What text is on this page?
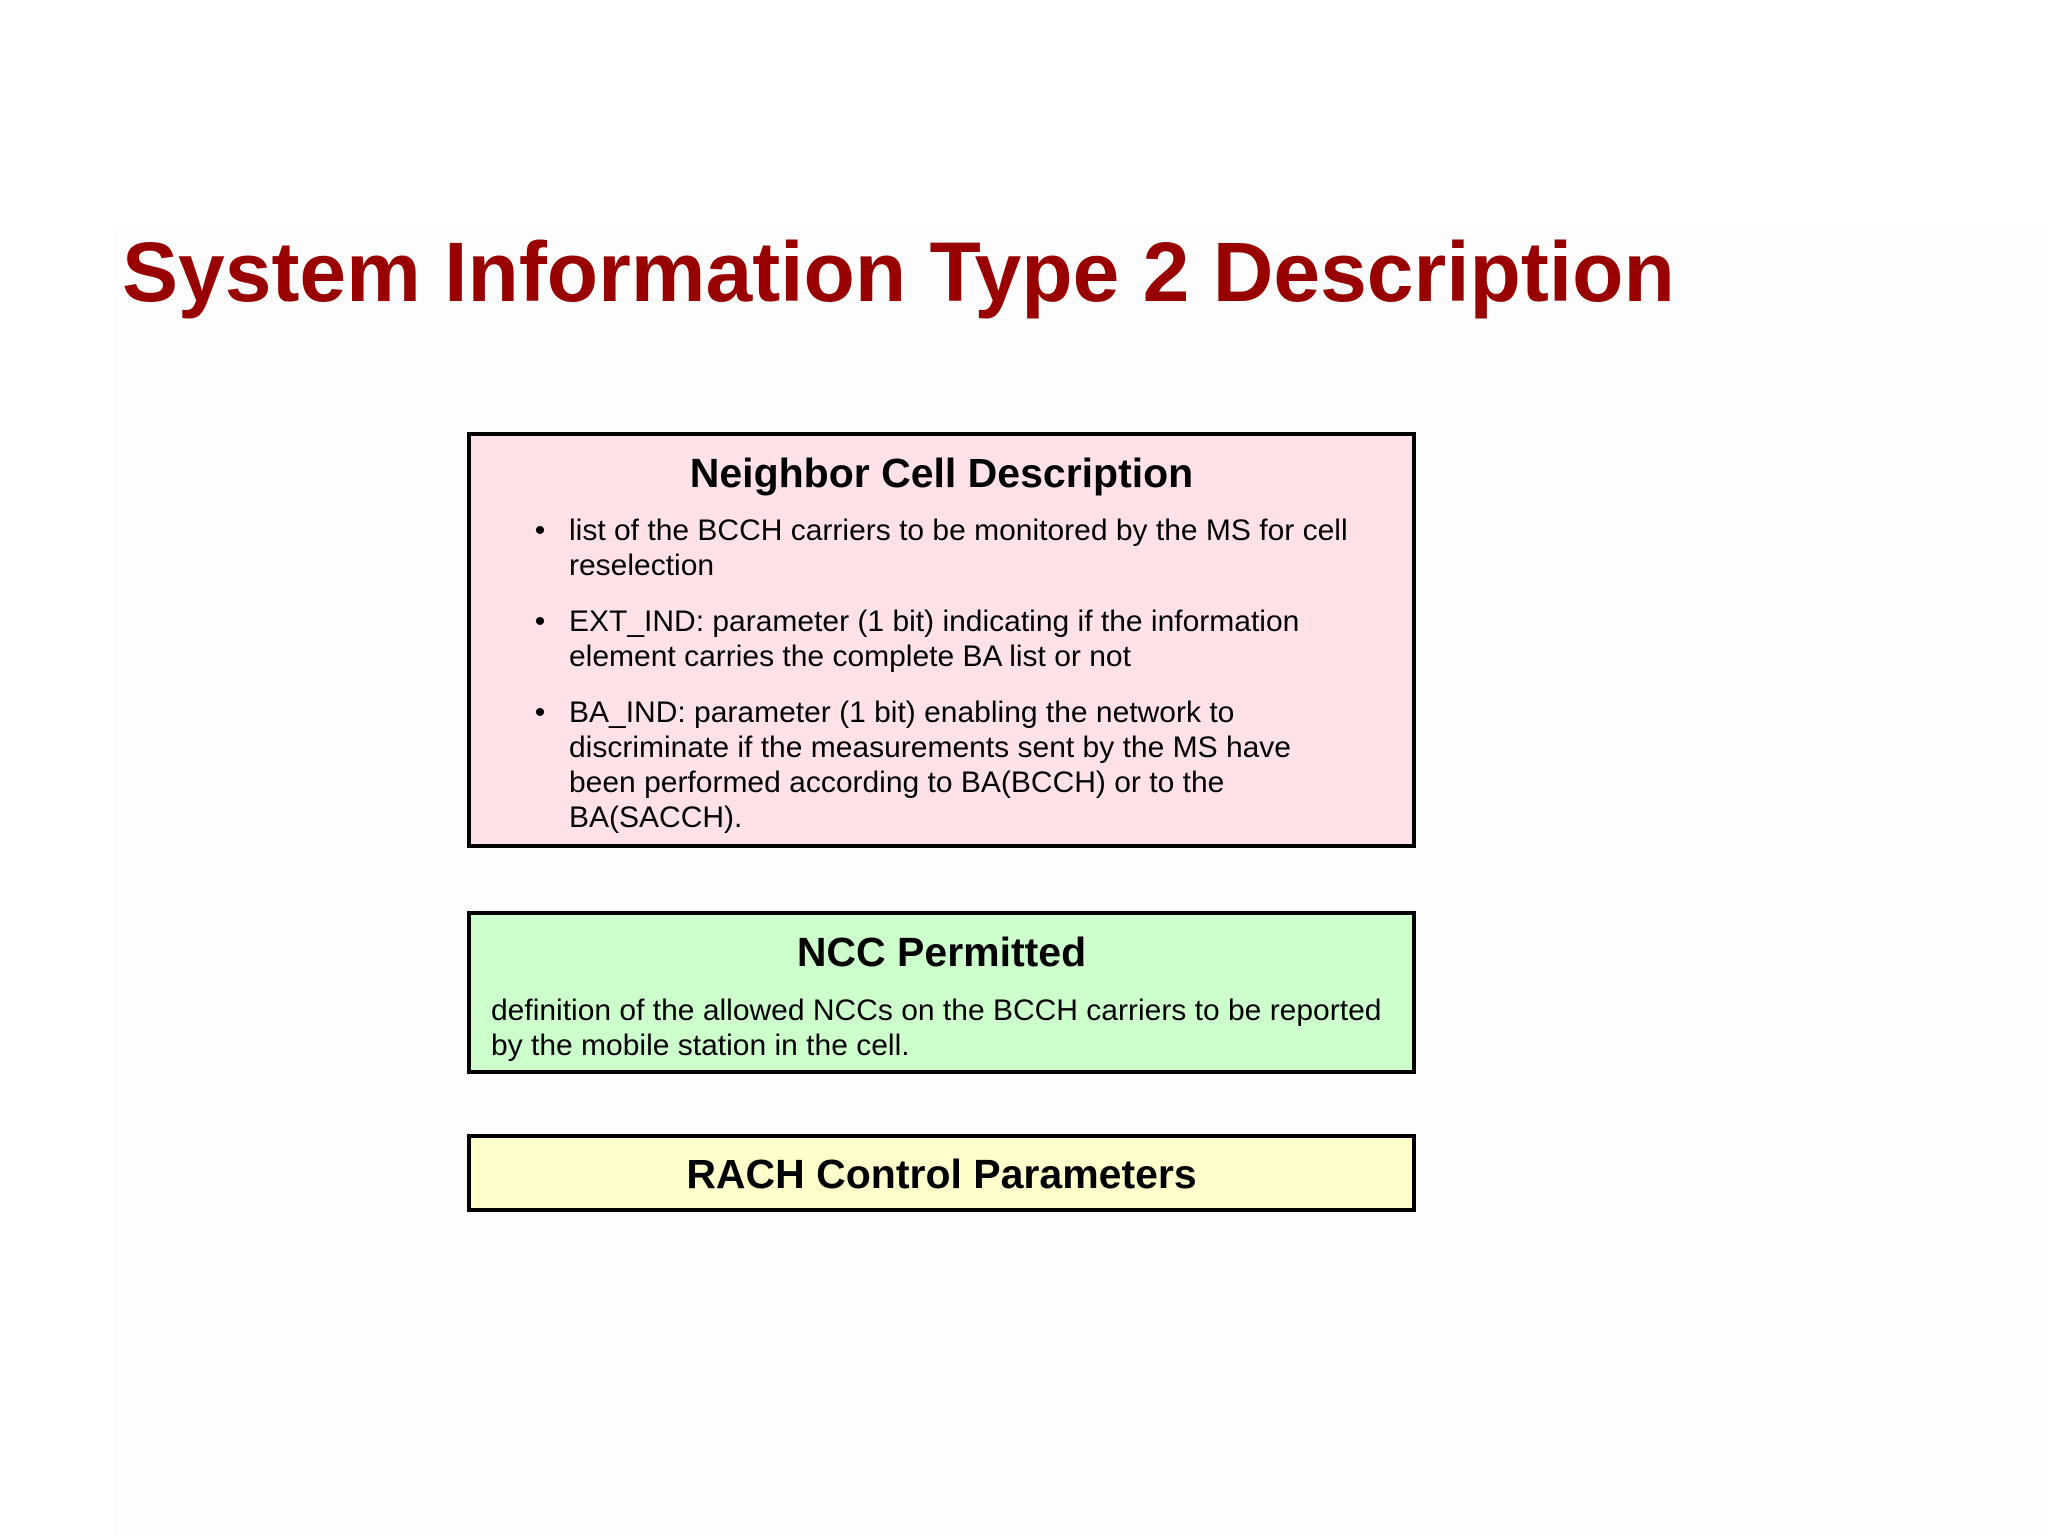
System Information Type 2 Description
Neighbor Cell Description
• list of the BCCH carriers to be monitored by the MS for cell reselection
• EXT_IND: parameter (1 bit) indicating if the information element carries the complete BA list or not
• BA_IND: parameter (1 bit) enabling the network to discriminate if the measurements sent by the MS have been performed according to BA(BCCH) or to the BA(SACCH).
NCC Permitted

definition of the allowed NCCs on the BCCH carriers to be reported by the mobile station in the cell.

RACH Control Parameters
